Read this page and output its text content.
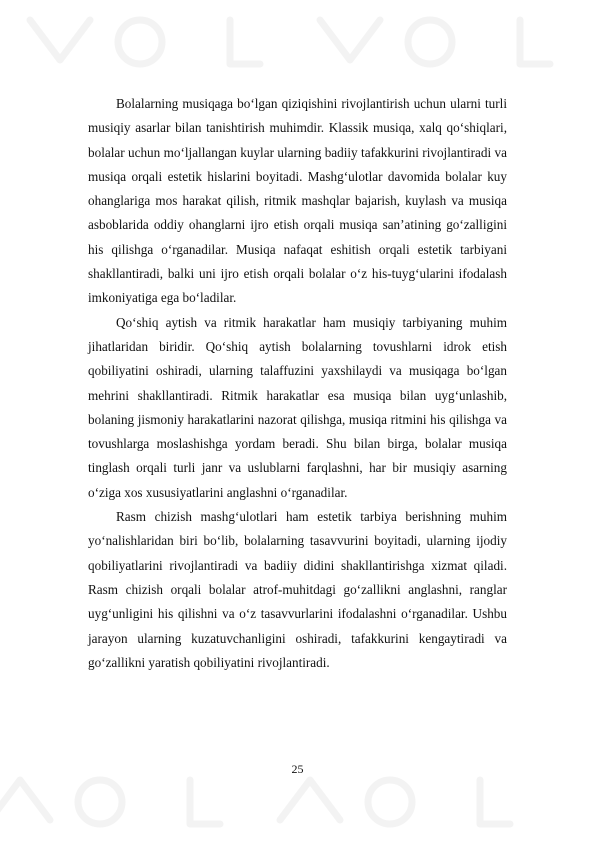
Bolalarning musiqaga bo‘lgan qiziqishini rivojlantirish uchun ularni turli musiqiy asarlar bilan tanishtirish muhimdir. Klassik musiqa, xalq qo‘shiqlari, bolalar uchun mo‘ljallangan kuylar ularning badiiy tafakkurini rivojlantiradi va musiqa orqali estetik hislarini boyitadi. Mashg‘ulotlar davomida bolalar kuy ohanglariga mos harakat qilish, ritmik mashqlar bajarish, kuylash va musiqa asboblarida oddiy ohanglarni ijro etish orqali musiqa san’atining go‘zalligini his qilishga o‘rganadilar. Musiqa nafaqat eshitish orqali estetik tarbiyani shakllantiradi, balki uni ijro etish orqali bolalar o‘z his-tuyg‘ularini ifodalash imkoniyatiga ega bo‘ladilar.

Qo‘shiq aytish va ritmik harakatlar ham musiqiy tarbiyaning muhim jihatlaridan biridir. Qo‘shiq aytish bolalarning tovushlarni idrok etish qobiliyatini oshiradi, ularning talaffuzini yaxshilaydi va musiqaga bo‘lgan mehrini shakllantiradi. Ritmik harakatlar esa musiqa bilan uyg‘unlashib, bolaning jismoniy harakatlarini nazorat qilishga, musiqa ritmini his qilishga va tovushlarga moslashishga yordam beradi. Shu bilan birga, bolalar musiqa tinglash orqali turli janr va uslublarni farqlashni, har bir musiqiy asarning o‘ziga xos xususiyatlarini anglashni o‘rganadilar.

Rasm chizish mashg‘ulotlari ham estetik tarbiya berishning muhim yo‘nalishlaridan biri bo‘lib, bolalarning tasavvurini boyitadi, ularning ijodiy qobiliyatlarini rivojlantiradi va badiiy didini shakllantirishga xizmat qiladi. Rasm chizish orqali bolalar atrof-muhitdagi go‘zallikni anglashni, ranglar uyg‘unligini his qilishni va o‘z tasavvurlarini ifodalashni o‘rganadilar. Ushbu jarayon ularning kuzatuvchanligini oshiradi, tafakkurini kengaytiradi va go‘zallikni yaratish qobiliyatini rivojlantiradi.

25
